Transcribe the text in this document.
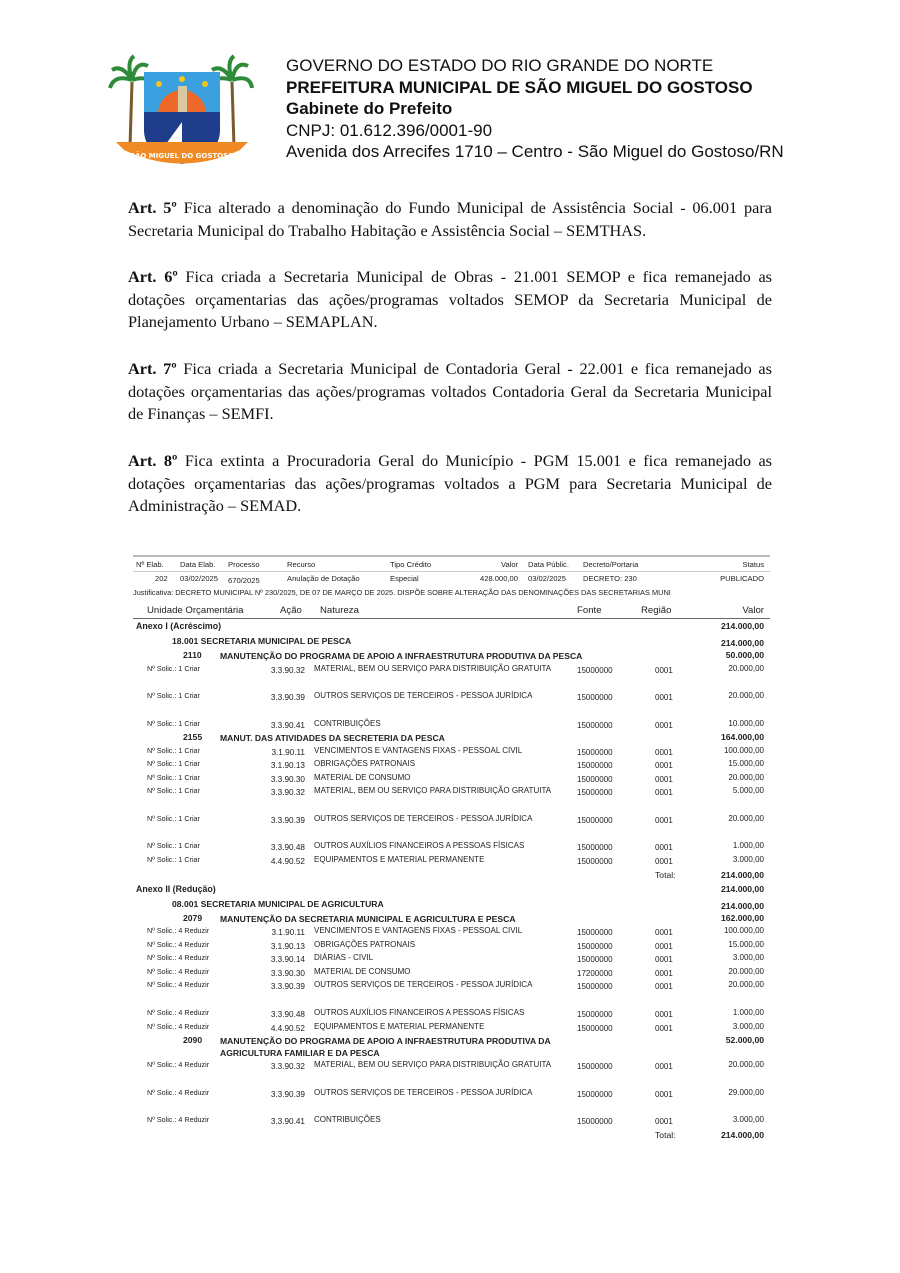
SÃO MIGUEL DO GOSTOSO
GOVERNO DO ESTADO DO RIO GRANDE DO NORTE
PREFEITURA MUNICIPAL DE SÃO MIGUEL DO GOSTOSO
Gabinete do Prefeito
CNPJ: 01.612.396/0001-90
Avenida dos Arrecifes 1710 – Centro - São Miguel do Gostoso/RN
Art. 5º Fica alterado a denominação do Fundo Municipal de Assistência Social - 06.001 para Secretaria Municipal do Trabalho Habitação e Assistência Social – SEMTHAS.
Art. 6º Fica criada a Secretaria Municipal de Obras - 21.001 SEMOP e fica remanejado as dotações orçamentarias das ações/programas voltados SEMOP da Secretaria Municipal de Planejamento Urbano – SEMAPLAN.
Art. 7º Fica criada a Secretaria Municipal de Contadoria Geral - 22.001 e fica remanejado as dotações orçamentarias das ações/programas voltados Contadoria Geral da Secretaria Municipal de Finanças – SEMFI.
Art. 8º Fica extinta a Procuradoria Geral do Município - PGM 15.001 e fica remanejado as dotações orçamentarias das ações/programas voltados a PGM para Secretaria Municipal de Administração – SEMAD.
Nº Elab. Data Elab. Processo	Recurso	Tipo Crédito	Valor Data Públic. Decreto/Portaria	Status
202 03/02/2025 670/2025	Anulação de Dotação	Especial	428.000,00 03/02/2025 DECRETO: 230	PUBLICADO
Justificativa: DECRETO MUNICIPAL Nº 230/2025, DE 07 DE MARÇO DE 2025. DISPÕE SOBRE ALTERAÇÃO DAS DENOMINAÇÕES DAS SECRETARIAS MUNI
Unidade Orçamentária	Ação Natureza	Fonte	Região	Valor
Anexo I (Acréscimo)	214.000,00
18.001 SECRETARIA MUNICIPAL DE PESCA	214.000,00
2110 MANUTENÇÃO DO PROGRAMA DE APOIO A INFRAESTRUTURA PRODUTIVA DA PESCA	50.000,00
Nº Solic.: 1 Criar	3.3.90.32 MATERIAL, BEM OU SERVIÇO PARA DISTRIBUIÇÃO GRATUITA	15000000	0001	20.000,00
Nº Solic.: 1 Criar	3.3.90.39 OUTROS SERVIÇOS DE TERCEIROS - PESSOA JURÍDICA	15000000	0001	20.000,00
Nº Solic.: 1 Criar	3.3.90.41 CONTRIBUIÇÕES	15000000	0001	10.000,00
2155 MANUT. DAS ATIVIDADES DA SECRETERIA DA PESCA	164.000,00
Nº Solic.: 1 Criar	3.1.90.11 VENCIMENTOS E VANTAGENS FIXAS - PESSOAL CIVIL	15000000	0001	100.000,00
Nº Solic.: 1 Criar	3.1.90.13 OBRIGAÇÕES PATRONAIS	15000000	0001	15.000,00
Nº Solic.: 1 Criar	3.3.90.30 MATERIAL DE CONSUMO	15000000	0001	20.000,00
Nº Solic.: 1 Criar	3.3.90.32 MATERIAL, BEM OU SERVIÇO PARA DISTRIBUIÇÃO GRATUITA	15000000	0001	5.000,00
Nº Solic.: 1 Criar	3.3.90.39 OUTROS SERVIÇOS DE TERCEIROS - PESSOA JURÍDICA	15000000	0001	20.000,00
Nº Solic.: 1 Criar	3.3.90.48 OUTROS AUXÍLIOS FINANCEIROS A PESSOAS FÍSICAS	15000000	0001	1.000,00
Nº Solic.: 1 Criar	4.4.90.52 EQUIPAMENTOS E MATERIAL PERMANENTE	15000000	0001	3.000,00
Total:	214.000,00
Anexo II (Redução)	214.000,00
08.001 SECRETARIA MUNICIPAL DE AGRICULTURA	214.000,00
2079 MANUTENÇÃO DA SECRETARIA MUNICIPAL E AGRICULTURA E PESCA	162.000,00
Nº Solic.: 4 Reduzir	3.1.90.11 VENCIMENTOS E VANTAGENS FIXAS - PESSOAL CIVIL	15000000	0001	100.000,00
Nº Solic.: 4 Reduzir	3.1.90.13 OBRIGAÇÕES PATRONAIS	15000000	0001	15.000,00
Nº Solic.: 4 Reduzir	3.3.90.14 DIÁRIAS - CIVIL	15000000	0001	3.000,00
Nº Solic.: 4 Reduzir	3.3.90.30 MATERIAL DE CONSUMO	17200000	0001	20.000,00
Nº Solic.: 4 Reduzir	3.3.90.39 OUTROS SERVIÇOS DE TERCEIROS - PESSOA JURÍDICA	15000000	0001	20.000,00
Nº Solic.: 4 Reduzir	3.3.90.48 OUTROS AUXÍLIOS FINANCEIROS A PESSOAS FÍSICAS	15000000	0001	1.000,00
Nº Solic.: 4 Reduzir	4.4.90.52 EQUIPAMENTOS E MATERIAL PERMANENTE	15000000	0001	3.000,00
2090 MANUTENÇÃO DO PROGRAMA DE APOIO A INFRAESTRUTURA PRODUTIVA DA AGRICULTURA FAMILIAR E DA PESCA
52.000,00
Nº Solic.: 4 Reduzir	3.3.90.32 MATERIAL, BEM OU SERVIÇO PARA DISTRIBUIÇÃO GRATUITA	15000000	0001	20.000,00
Nº Solic.: 4 Reduzir	3.3.90.39 OUTROS SERVIÇOS DE TERCEIROS - PESSOA JURÍDICA	15000000	0001	29.000,00
Nº Solic.: 4 Reduzir	3.3.90.41 CONTRIBUIÇÕES	15000000	0001	3.000,00
Total:	214.000,00
